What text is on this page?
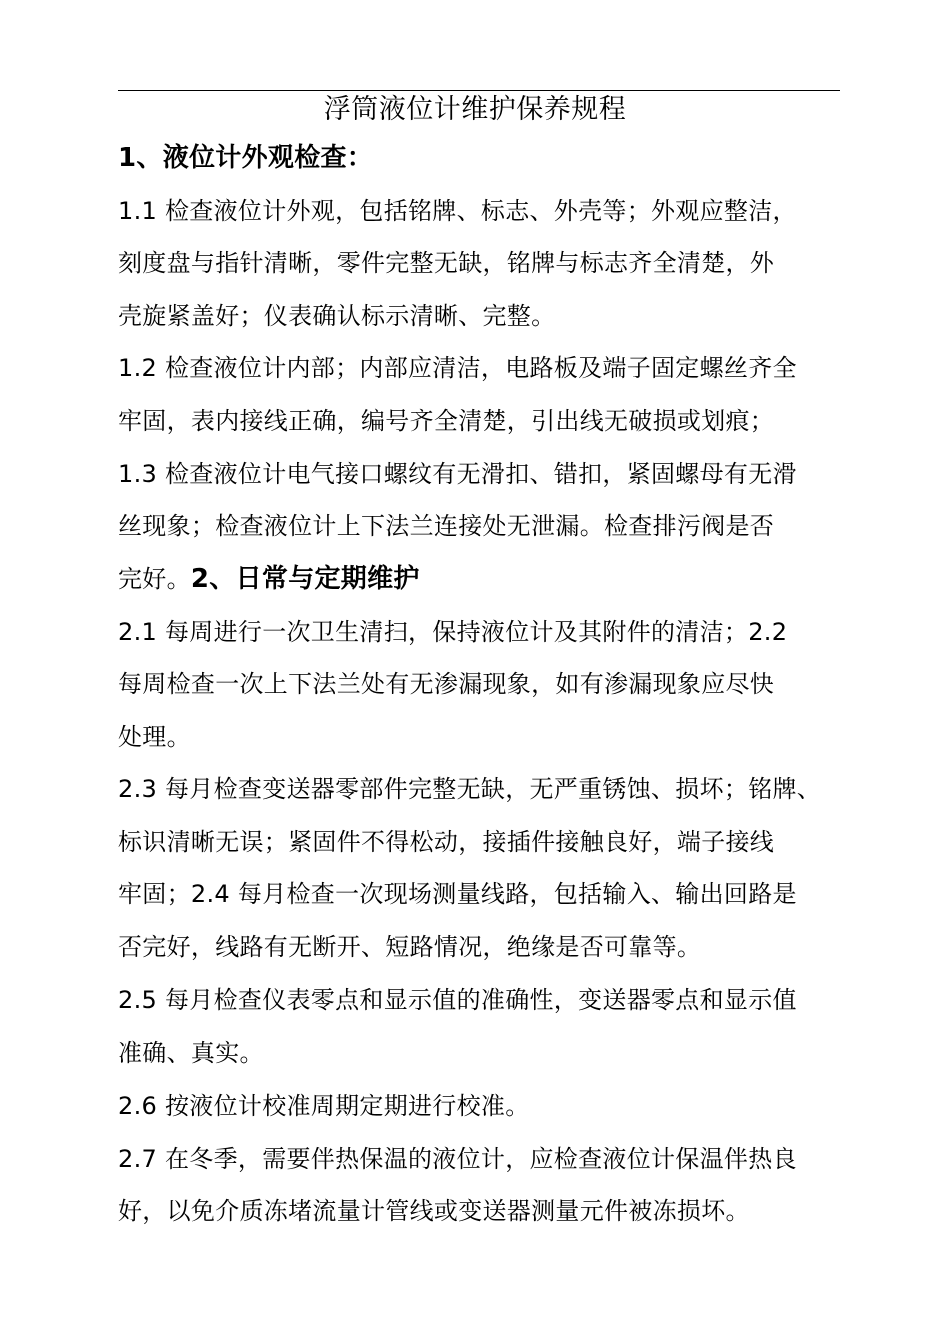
浮筒液位计维护保养规程

1、液位计外观检查：

1.1 检查液位计外观，包括铭牌、标志、外壳等；外观应整洁，

刻度盘与指针清晰，零件完整无缺，铭牌与标志齐全清楚，外

壳旋紧盖好；仪表确认标示清晰、完整。

1.2 检查液位计内部；内部应清洁，电路板及端子固定螺丝齐全

牢固，表内接线正确，编号齐全清楚，引出线无破损或划痕；

1.3 检查液位计电气接口螺纹有无滑扣、错扣，紧固螺母有无滑

丝现象；检查液位计上下法兰连接处无泄漏。检查排污阀是否

完好。2、日常与定期维护

2.1 每周进行一次卫生清扫，保持液位计及其附件的清洁；2.2

每周检查一次上下法兰处有无渗漏现象，如有渗漏现象应尽快

处理。

2.3 每月检查变送器零部件完整无缺，无严重锈蚀、损坏；铭牌、

标识清晰无误；紧固件不得松动，接插件接触良好，端子接线

牢固；2.4 每月检查一次现场测量线路，包括输入、输出回路是

否完好，线路有无断开、短路情况，绝缘是否可靠等。

2.5 每月检查仪表零点和显示值的准确性，变送器零点和显示值

准确、真实。

2.6 按液位计校准周期定期进行校准。

2.7 在冬季，需要伴热保温的液位计，应检查液位计保温伴热良

好，以免介质冻堵流量计管线或变送器测量元件被冻损坏。
